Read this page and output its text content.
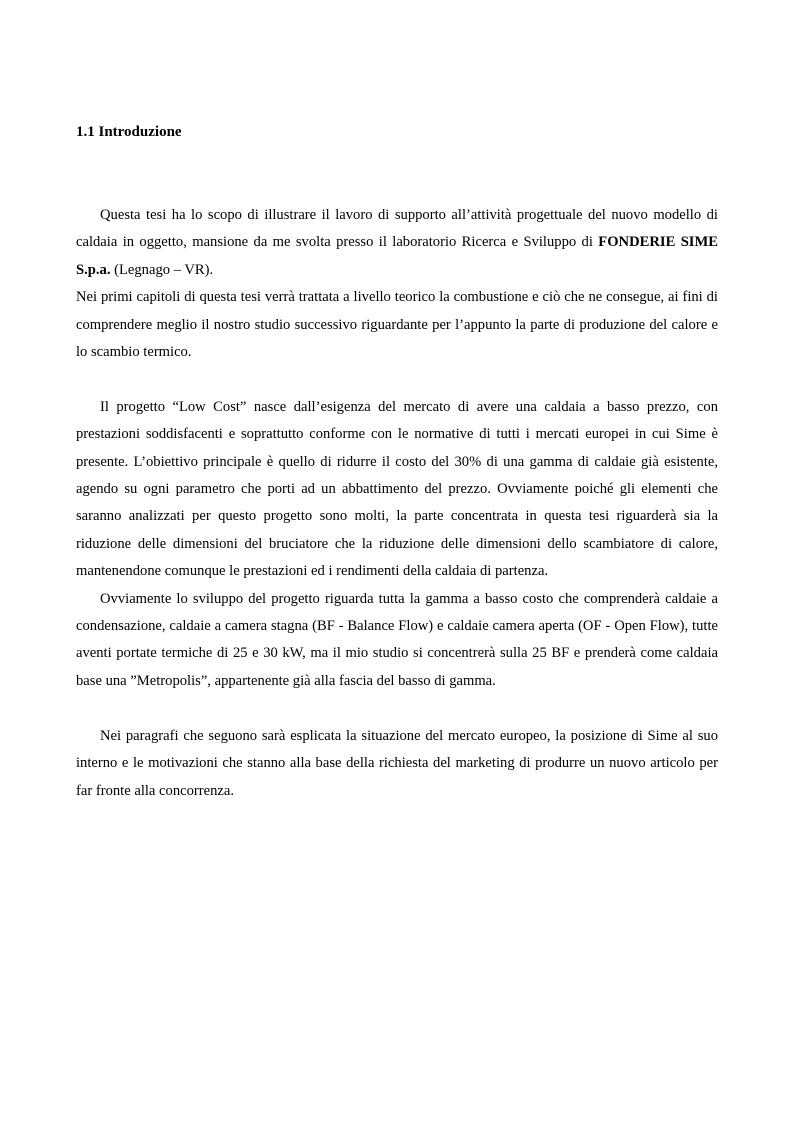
1.1 Introduzione

Questa tesi ha lo scopo di illustrare il lavoro di supporto all’attività progettuale del nuovo modello di caldaia in oggetto, mansione da me svolta presso il laboratorio Ricerca e Sviluppo di FONDERIE SIME S.p.a. (Legnago – VR).

Nei primi capitoli di questa tesi verrà trattata a livello teorico la combustione e ciò che ne consegue, ai fini di comprendere meglio il nostro studio successivo riguardante per l’appunto la parte di produzione del calore e lo scambio termico.

Il progetto “Low Cost” nasce dall’esigenza del mercato di avere una caldaia a basso prezzo, con prestazioni soddisfacenti e soprattutto conforme con le normative di tutti i mercati europei in cui Sime è presente. L’obiettivo principale è quello di ridurre il costo del 30% di una gamma di caldaie già esistente, agendo su ogni parametro che porti ad un abbattimento del prezzo. Ovviamente poiché gli elementi che saranno analizzati per questo progetto sono molti, la parte concentrata in questa tesi riguarderà sia la riduzione delle dimensioni del bruciatore che la riduzione delle dimensioni dello scambiatore di calore, mantenendone comunque le prestazioni ed i rendimenti della caldaia di partenza.

Ovviamente lo sviluppo del progetto riguarda tutta la gamma a basso costo che comprenderà caldaie a condensazione, caldaie a camera stagna (BF - Balance Flow) e caldaie camera aperta (OF - Open Flow), tutte aventi portate termiche di 25 e 30 kW, ma il mio studio si concentrerà sulla 25 BF e prenderà come caldaia base una ”Metropolis”, appartenente già alla fascia del basso di gamma.

Nei paragrafi che seguono sarà esplicata la situazione del mercato europeo, la posizione di Sime al suo interno e le motivazioni che stanno alla base della richiesta del marketing di produrre un nuovo articolo per far fronte alla concorrenza.
